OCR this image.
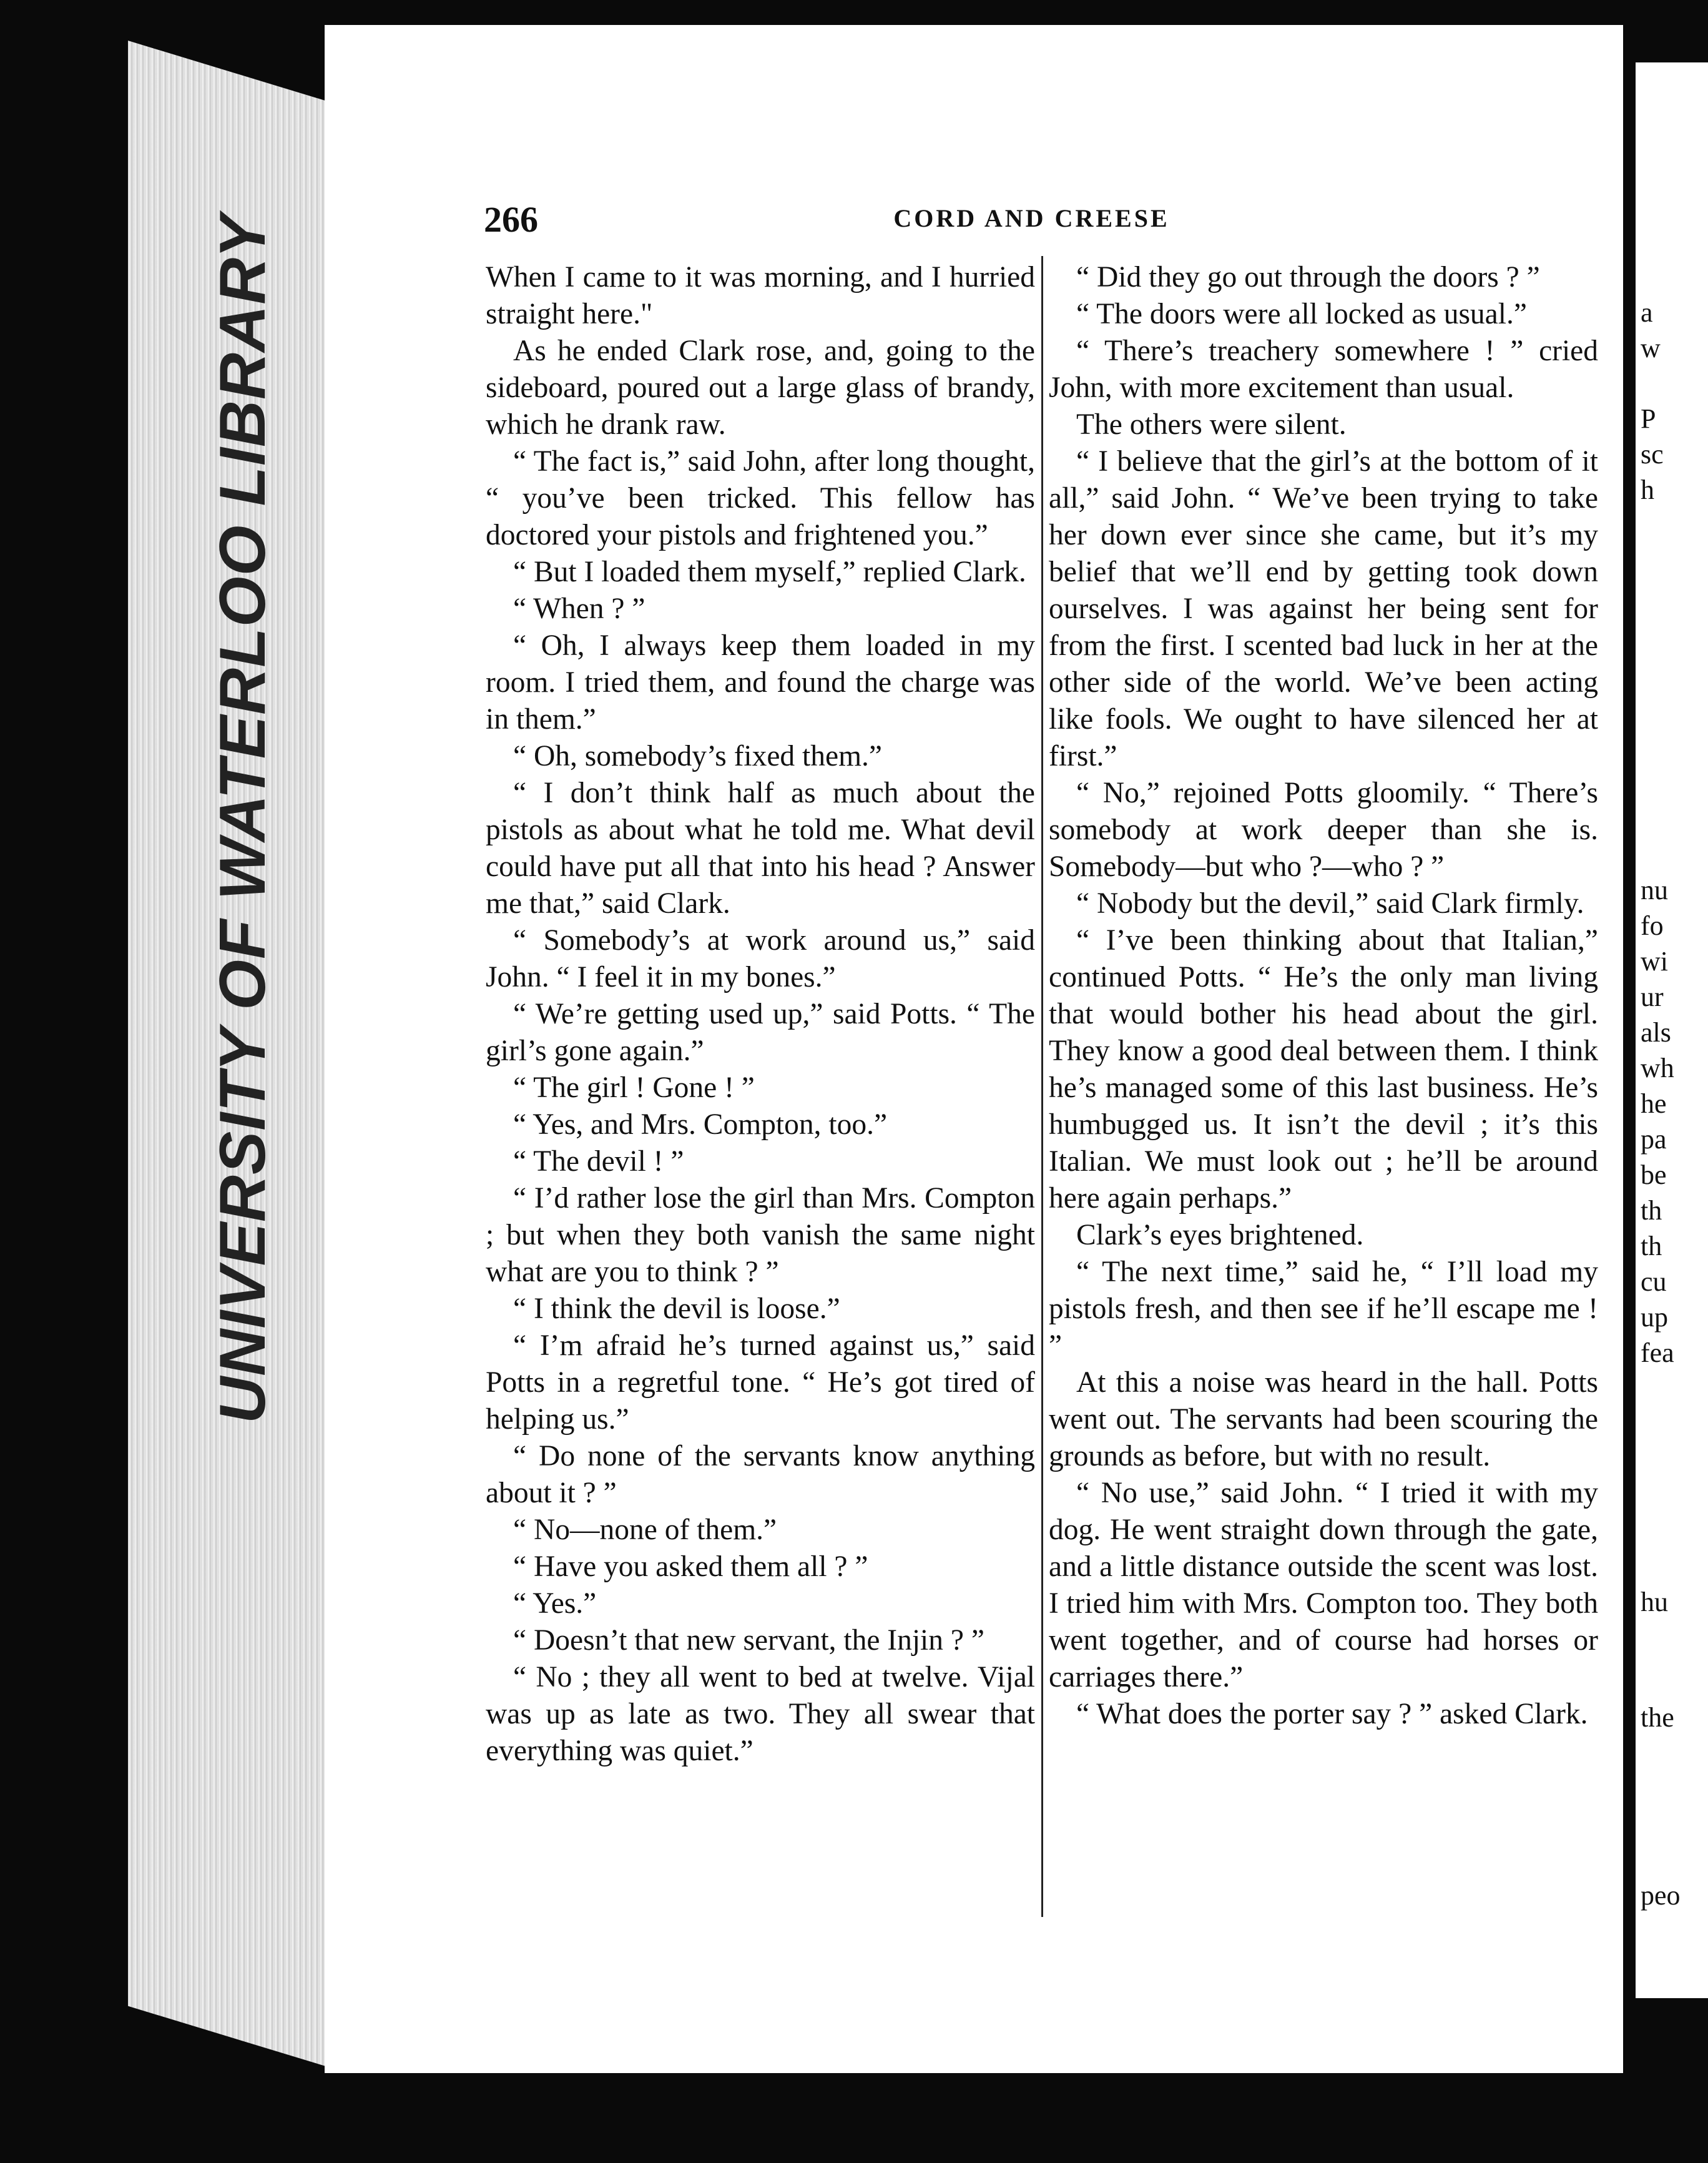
UNIVERSITY OF WATERLOO LIBRARY	a
w
P
sc
h
nu
fo
wi
ur
als
wh
he
pa
be
th
th
cu
up
fea
hu
the
peo
266	CORD AND CREESE

When I came to it was morning, and I hurried straight here."

As he ended Clark rose, and, going to the sideboard, poured out a large glass of brandy, which he drank raw.

“ The fact is,” said John, after long thought, “ you’ve been tricked. This fellow has doctored your pistols and frightened you.”

“ But I loaded them myself,” replied Clark.

“ When ? ”

“ Oh, I always keep them loaded in my room. I tried them, and found the charge was in them.”

“ Oh, somebody’s fixed them.”

“ I don’t think half as much about the pistols as about what he told me. What devil could have put all that into his head ? Answer me that,” said Clark.

“ Somebody’s at work around us,” said John. “ I feel it in my bones.”

“ We’re getting used up,” said Potts. “ The girl’s gone again.”

“ The girl ! Gone ! ”

“ Yes, and Mrs. Compton, too.”

“ The devil ! ”

“ I’d rather lose the girl than Mrs. Compton ; but when they both vanish the same night what are you to think ? ”

“ I think the devil is loose.”

“ I’m afraid he’s turned against us,” said Potts in a regretful tone. “ He’s got tired of helping us.”

“ Do none of the servants know anything about it ? ”

“ No—none of them.”

“ Have you asked them all ? ”

“ Yes.”

“ Doesn’t that new servant, the Injin ? ”

“ No ; they all went to bed at twelve. Vijal was up as late as two. They all swear that everything was quiet.”

“ Did they go out through the doors ? ”

“ The doors were all locked as usual.”

“ There’s treachery somewhere ! ” cried John, with more excitement than usual.

The others were silent.

“ I believe that the girl’s at the bottom of it all,” said John. “ We’ve been trying to take her down ever since she came, but it’s my belief that we’ll end by getting took down ourselves. I was against her being sent for from the first. I scented bad luck in her at the other side of the world. We’ve been acting like fools. We ought to have silenced her at first.”

“ No,” rejoined Potts gloomily. “ There’s somebody at work deeper than she is. Somebody—but who ?—who ? ”

“ Nobody but the devil,” said Clark firmly.

“ I’ve been thinking about that Italian,” continued Potts. “ He’s the only man living that would bother his head about the girl. They know a good deal between them. I think he’s managed some of this last business. He’s humbugged us. It isn’t the devil ; it’s this Italian. We must look out ; he’ll be around here again perhaps.”

Clark’s eyes brightened.

“ The next time,” said he, “ I’ll load my pistols fresh, and then see if he’ll escape me ! ”

At this a noise was heard in the hall. Potts went out. The servants had been scouring the grounds as before, but with no result.

“ No use,” said John. “ I tried it with my dog. He went straight down through the gate, and a little distance outside the scent was lost. I tried him with Mrs. Compton too. They both went together, and of course had horses or carriages there.”

“ What does the porter say ? ” asked Clark.
